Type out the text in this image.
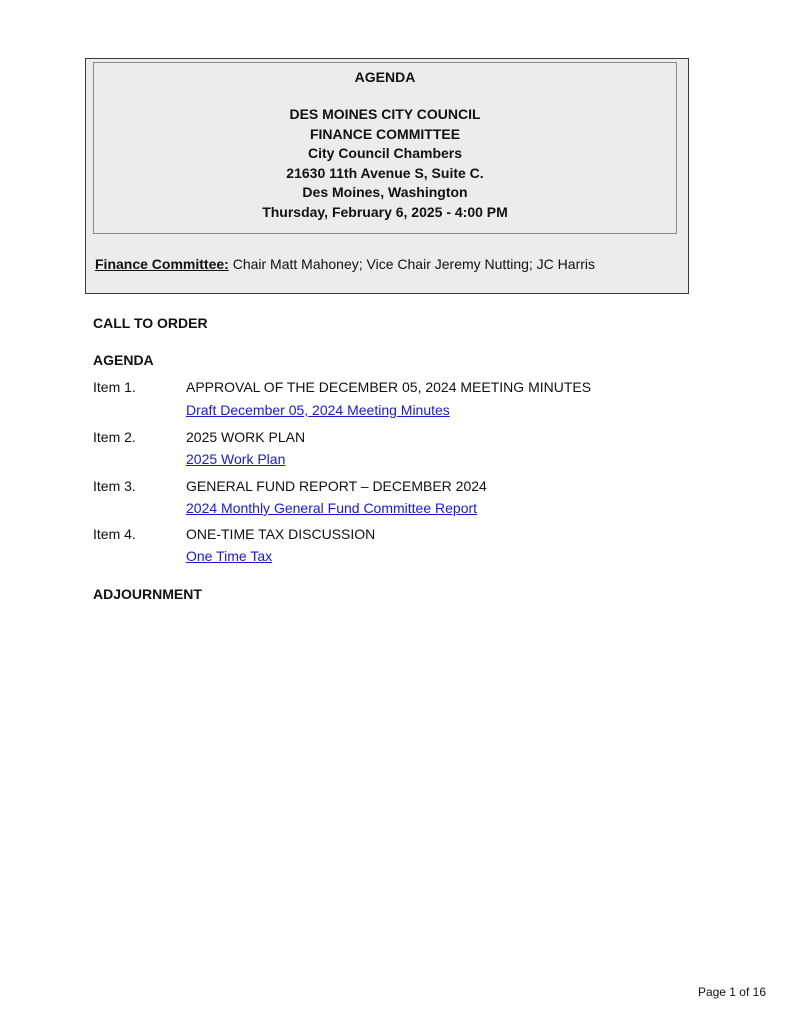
AGENDA
DES MOINES CITY COUNCIL
FINANCE COMMITTEE
City Council Chambers
21630 11th Avenue S, Suite C.
Des Moines, Washington
Thursday, February 6, 2025 - 4:00 PM
Finance Committee: Chair Matt Mahoney; Vice Chair Jeremy Nutting; JC Harris
CALL TO ORDER
AGENDA
Item 1.	APPROVAL OF THE DECEMBER 05, 2024 MEETING MINUTES
Draft December 05, 2024 Meeting Minutes
Item 2.	2025 WORK PLAN
2025 Work Plan
Item 3.	GENERAL FUND REPORT – DECEMBER 2024
2024 Monthly General Fund Committee Report
Item 4.	ONE-TIME TAX DISCUSSION
One Time Tax
ADJOURNMENT
Page 1 of 16
